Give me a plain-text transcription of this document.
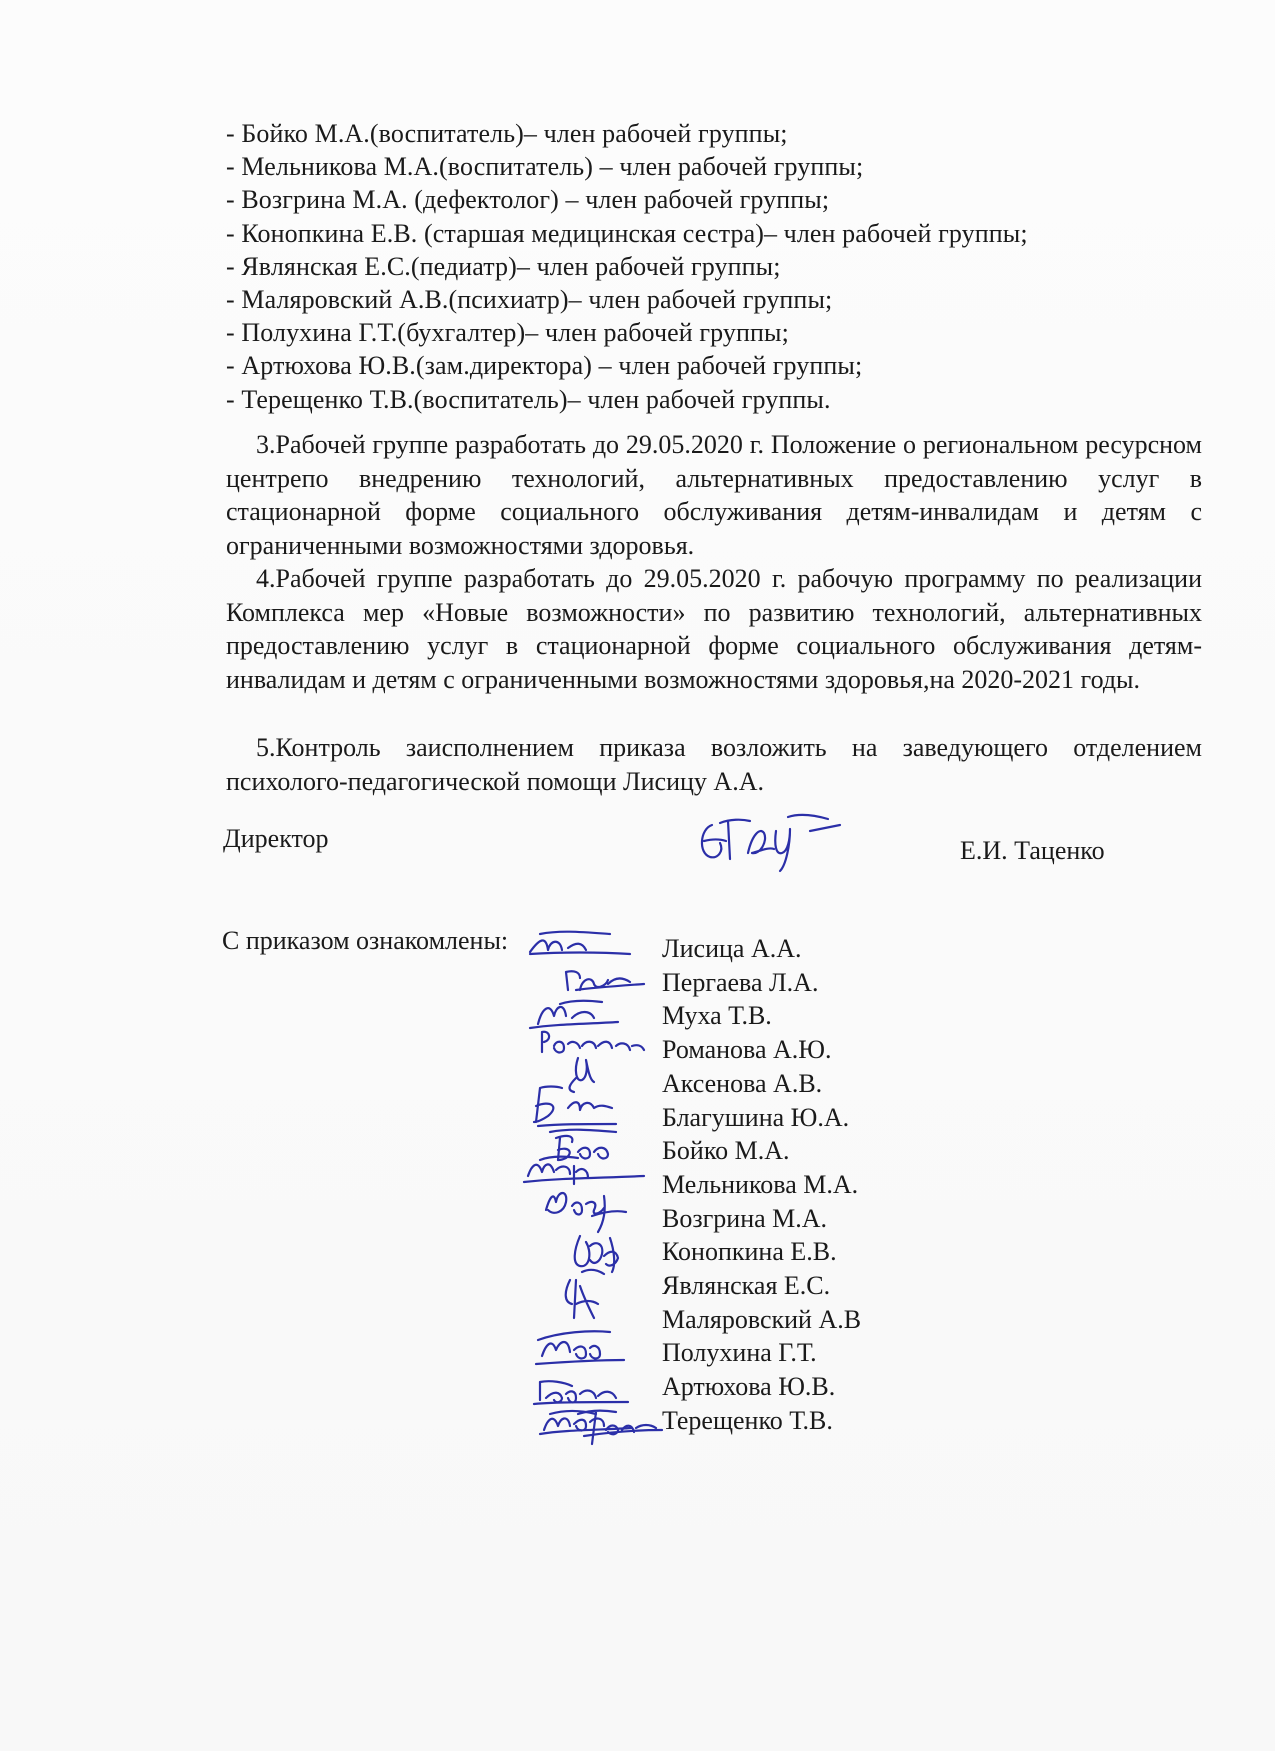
- Бойко М.А.(воспитатель)– член рабочей группы;
- Мельникова М.А.(воспитатель) – член рабочей группы;
- Возгрина М.А. (дефектолог) – член рабочей группы;
- Конопкина Е.В. (старшая медицинская сестра)– член рабочей группы;
- Являнская Е.С.(педиатр)– член рабочей группы;
- Маляровский А.В.(психиатр)– член рабочей группы;
- Полухина Г.Т.(бухгалтер)– член рабочей группы;
- Артюхова Ю.В.(зам.директора) – член рабочей группы;
- Терещенко Т.В.(воспитатель)– член рабочей группы.

3.Рабочей группе разработать до 29.05.2020 г. Положение о региональном ресурсном центрепо внедрению технологий, альтернативных предоставлению услуг в стационарной форме социального обслуживания детям-инвалидам и детям с ограниченными возможностями здоровья.

4.Рабочей группе разработать до 29.05.2020 г. рабочую программу по реализации Комплекса мер «Новые возможности» по развитию технологий, альтернативных предоставлению услуг в стационарной форме социального обслуживания детям-инвалидам и детям с ограниченными возможностями здоровья,на 2020-2021 годы.

5.Контроль заисполнением приказа возложить на заведующего отделением психолого-педагогической помощи Лисицу А.А.

Директор	Е.И. Таценко
С приказом ознакомлены:	Лисица А.А.
Пергаева Л.А.
Муха Т.В.
Романова А.Ю.
Аксенова А.В.
Благушина Ю.А.
Бойко М.А.
Мельникова М.А.
Возгрина М.А.
Конопкина Е.В.
Являнская Е.С.
Маляровский А.В
Полухина Г.Т.
Артюхова Ю.В.
Терещенко Т.В.
